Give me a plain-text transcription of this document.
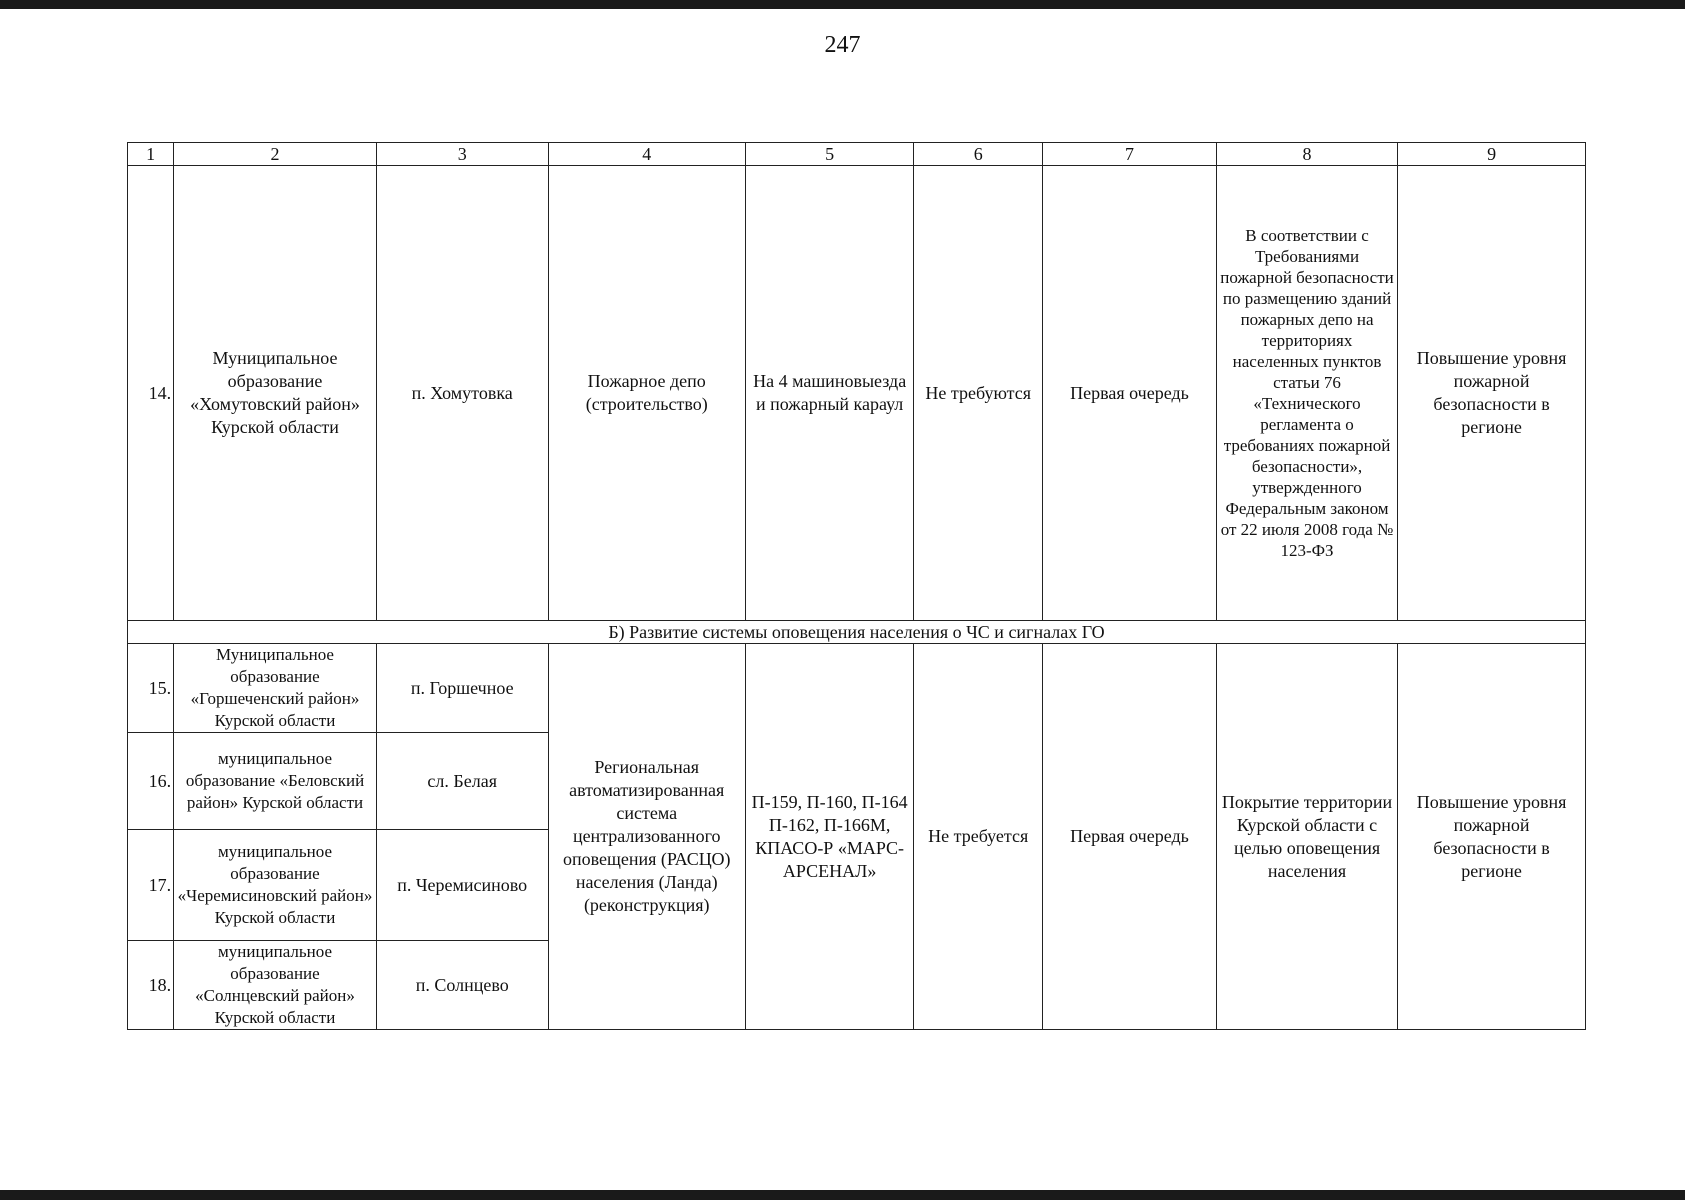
247
1	2	3	4	5	6	7	8	9
14.	Муниципальное образование «Хомутовский район» Курской области	п. Хомутовка	Пожарное депо (строительство)	На 4 машиновыезда и пожарный караул	Не требуются	Первая очередь	В соответствии с Требованиями пожарной безопасности по размещению зданий пожарных депо на территориях населенных пунктов статьи 76 «Технического регламента о требованиях пожарной безопасности», утвержденного Федеральным законом от 22 июля 2008 года № 123-ФЗ	Повышение уровня пожарной безопасности в регионе
Б) Развитие системы оповещения населения о ЧС и сигналах ГО								
15.	Муниципальное образование «Горшеченский район» Курской области	п. Горшечное	Региональная автоматизированная система централизованного оповещения (РАСЦО) населения (Ланда) (реконструкция)	П-159, П-160, П-164 П-162, П-166М, КПАСО-Р «МАРС-АРСЕНАЛ»	Не требуется	Первая очередь	Покрытие территории Курской области с целью оповещения населения	Повышение уровня пожарной безопасности в регионе
16.	муниципальное образование «Беловский район» Курской области	сл. Белая						
17.	муниципальное образование «Черемисиновский район» Курской области	п. Черемисиново						
18.	муниципальное образование «Солнцевский район» Курской области	п. Солнцево						
